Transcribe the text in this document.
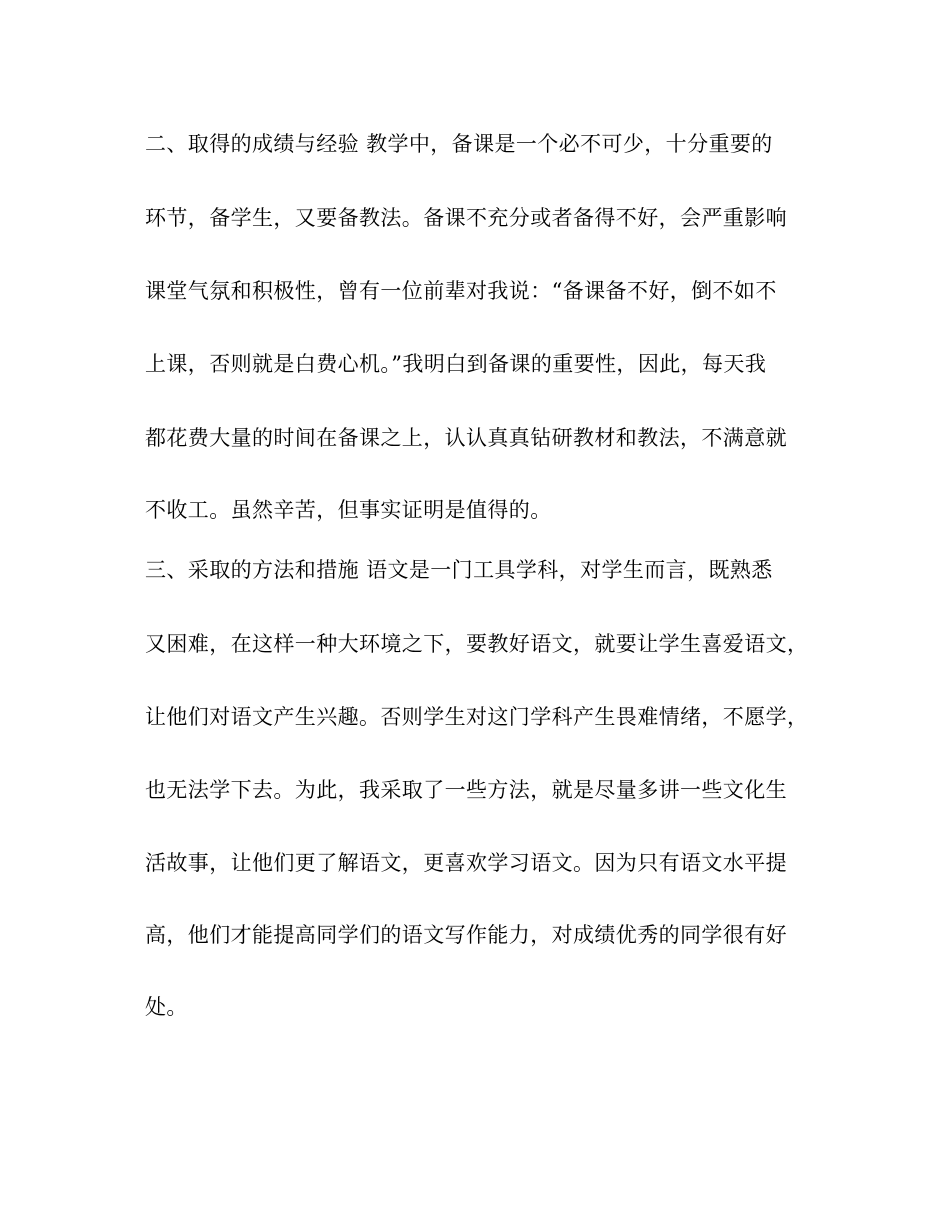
二、取得的成绩与经验 教学中，备课是一个必不可少，十分重要的
环节，备学生，又要备教法。备课不充分或者备得不好，会严重影响
课堂气氛和积极性，曾有一位前辈对我说：“备课备不好，倒不如不
上课，否则就是白费心机。”我明白到备课的重要性，因此，每天我
都花费大量的时间在备课之上，认认真真钻研教材和教法，不满意就
不收工。虽然辛苦，但事实证明是值得的。
三、采取的方法和措施 语文是一门工具学科，对学生而言，既熟悉
又困难，在这样一种大环境之下，要教好语文，就要让学生喜爱语文，
让他们对语文产生兴趣。否则学生对这门学科产生畏难情绪，不愿学，
也无法学下去。为此，我采取了一些方法，就是尽量多讲一些文化生
活故事，让他们更了解语文，更喜欢学习语文。因为只有语文水平提
高，他们才能提高同学们的语文写作能力，对成绩优秀的同学很有好
处。
